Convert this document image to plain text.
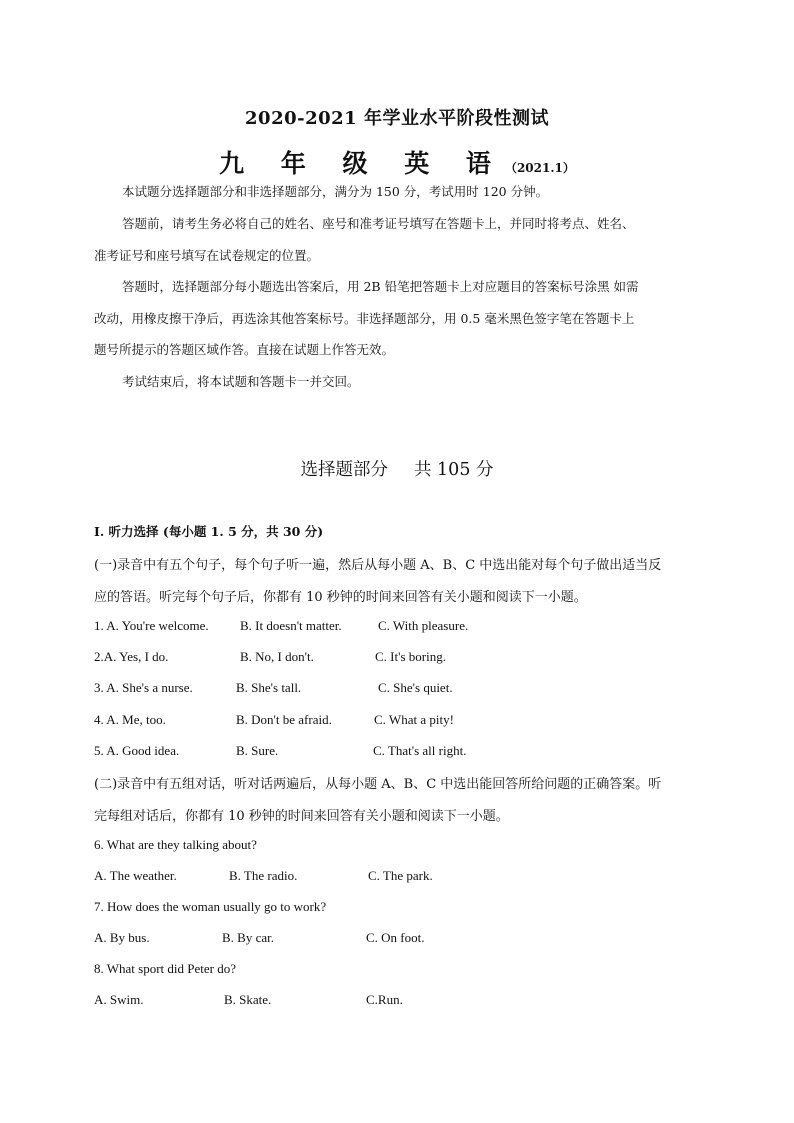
2020-2021 年学业水平阶段性测试
九 年 级 英 语（2021.1）
本试题分选择题部分和非选择题部分，满分为 150 分，考试用时 120 分钟。
答题前，请考生务必将自己的姓名、座号和准考证号填写在答题卡上，并同时将考点、姓名、
准考证号和座号填写在试卷规定的位置。
答题时，选择题部分每小题选出答案后，用 2B 铅笔把答题卡上对应题目的答案标号涂黑 如需
改动，用橡皮擦干净后，再选涂其他答案标号。非选择题部分，用 0.5 毫米黑色签字笔在答题卡上
题号所提示的答题区域作答。直接在试题上作答无效。
考试结束后，将本试题和答题卡一并交回。
选择题部分 共 105 分
I. 听力选择 (每小题 1. 5 分，共 30 分)
(一)录音中有五个句子，每个句子听一遍，然后从每小题 A、B、C 中选出能对每个句子做出适当反
应的答语。听完每个句子后，你都有 10 秒钟的时间来回答有关小题和阅读下一小题。
1. A. You're welcome. B. It doesn't matter.	C. With pleasure.
2.A. Yes, I do.	B. No, I don't.	C. It's boring.
3. A. She's a nurse.	B. She's tall.	C. She's quiet.
4. A. Me, too.	B. Don't be afraid.	C. What a pity!
5. A. Good idea.	B. Sure.	C. That's all right.
(二)录音中有五组对话，听对话两遍后，从每小题 A、B、C 中选出能回答所给问题的正确答案。听
完每组对话后，你都有 10 秒钟的时间来回答有关小题和阅读下一小题。
6. What are they talking about?
A. The weather.	B. The radio.	C. The park.
7. How does the woman usually go to work?
A. By bus.	B. By car.	C. On foot.
8. What sport did Peter do?
A. Swim.	B. Skate.	C.Run.
